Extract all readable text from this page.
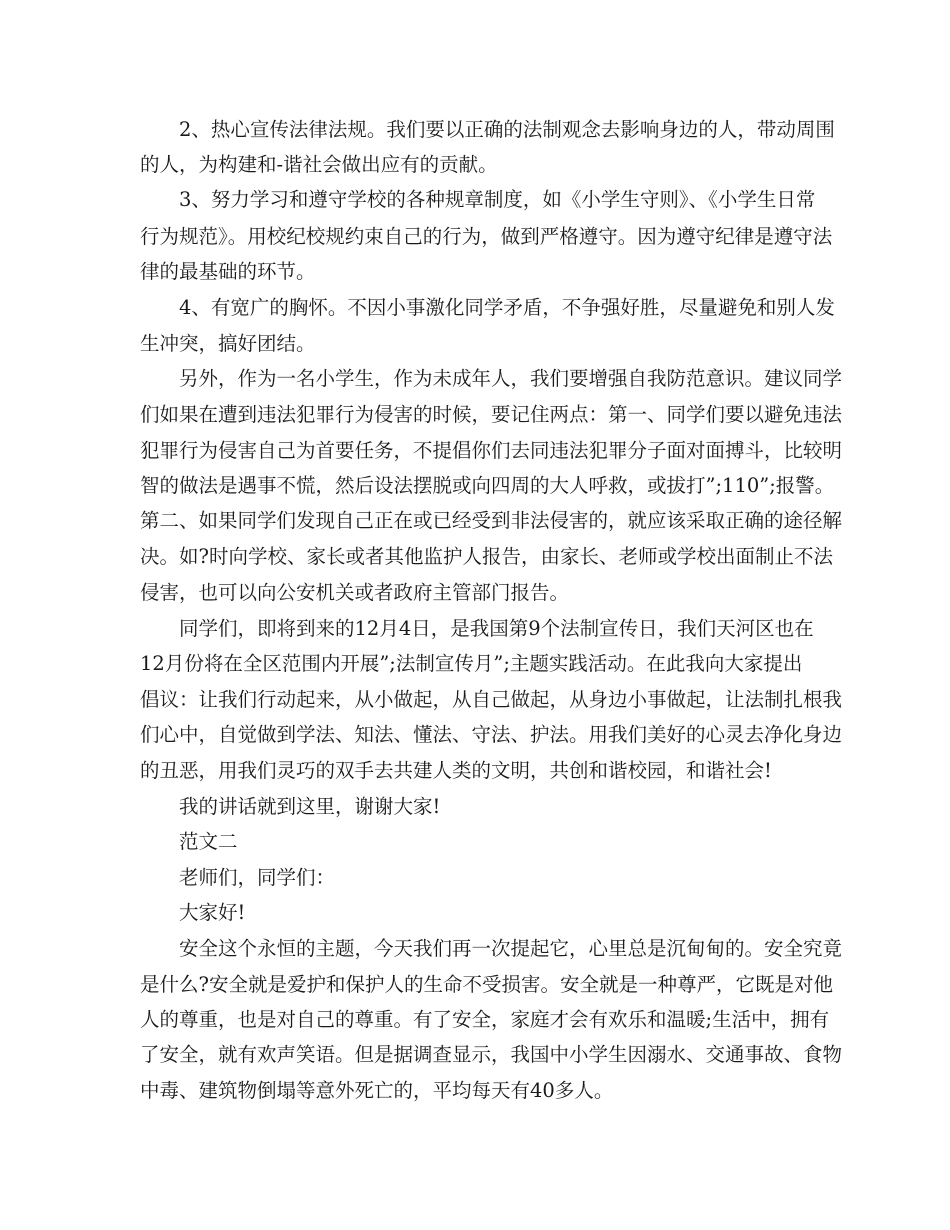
　　2、热心宣传法律法规。我们要以正确的法制观念去影响身边的人，带动周围
的人，为构建和-谐社会做出应有的贡献。
　　3、努力学习和遵守学校的各种规章制度，如《小学生守则》、《小学生日常
行为规范》。用校纪校规约束自己的行为，做到严格遵守。因为遵守纪律是遵守法
律的最基础的环节。
　　4、有宽广的胸怀。不因小事激化同学矛盾，不争强好胜，尽量避免和别人发
生冲突，搞好团结。
　　另外，作为一名小学生，作为未成年人，我们要增强自我防范意识。建议同学
们如果在遭到违法犯罪行为侵害的时候，要记住两点：第一、同学们要以避免违法
犯罪行为侵害自己为首要任务，不提倡你们去同违法犯罪分子面对面搏斗，比较明
智的做法是遇事不慌，然后设法摆脱或向四周的大人呼救，或拔打”;110”;报警。
第二、如果同学们发现自己正在或已经受到非法侵害的，就应该采取正确的途径解
决。如?时向学校、家长或者其他监护人报告，由家长、老师或学校出面制止不法
侵害，也可以向公安机关或者政府主管部门报告。
　　同学们，即将到来的12月4日，是我国第9个法制宣传日，我们天河区也在
12月份将在全区范围内开展”;法制宣传月”;主题实践活动。在此我向大家提出
倡议：让我们行动起来，从小做起，从自己做起，从身边小事做起，让法制扎根我
们心中，自觉做到学法、知法、懂法、守法、护法。用我们美好的心灵去净化身边
的丑恶，用我们灵巧的双手去共建人类的文明，共创和谐校园，和谐社会!
　　我的讲话就到这里，谢谢大家!
　　范文二
　　老师们，同学们：
　　大家好!
　　安全这个永恒的主题，今天我们再一次提起它，心里总是沉甸甸的。安全究竟
是什么?安全就是爱护和保护人的生命不受损害。安全就是一种尊严，它既是对他
人的尊重，也是对自己的尊重。有了安全，家庭才会有欢乐和温暖;生活中，拥有
了安全，就有欢声笑语。但是据调查显示，我国中小学生因溺水、交通事故、食物
中毒、建筑物倒塌等意外死亡的，平均每天有40多人。
